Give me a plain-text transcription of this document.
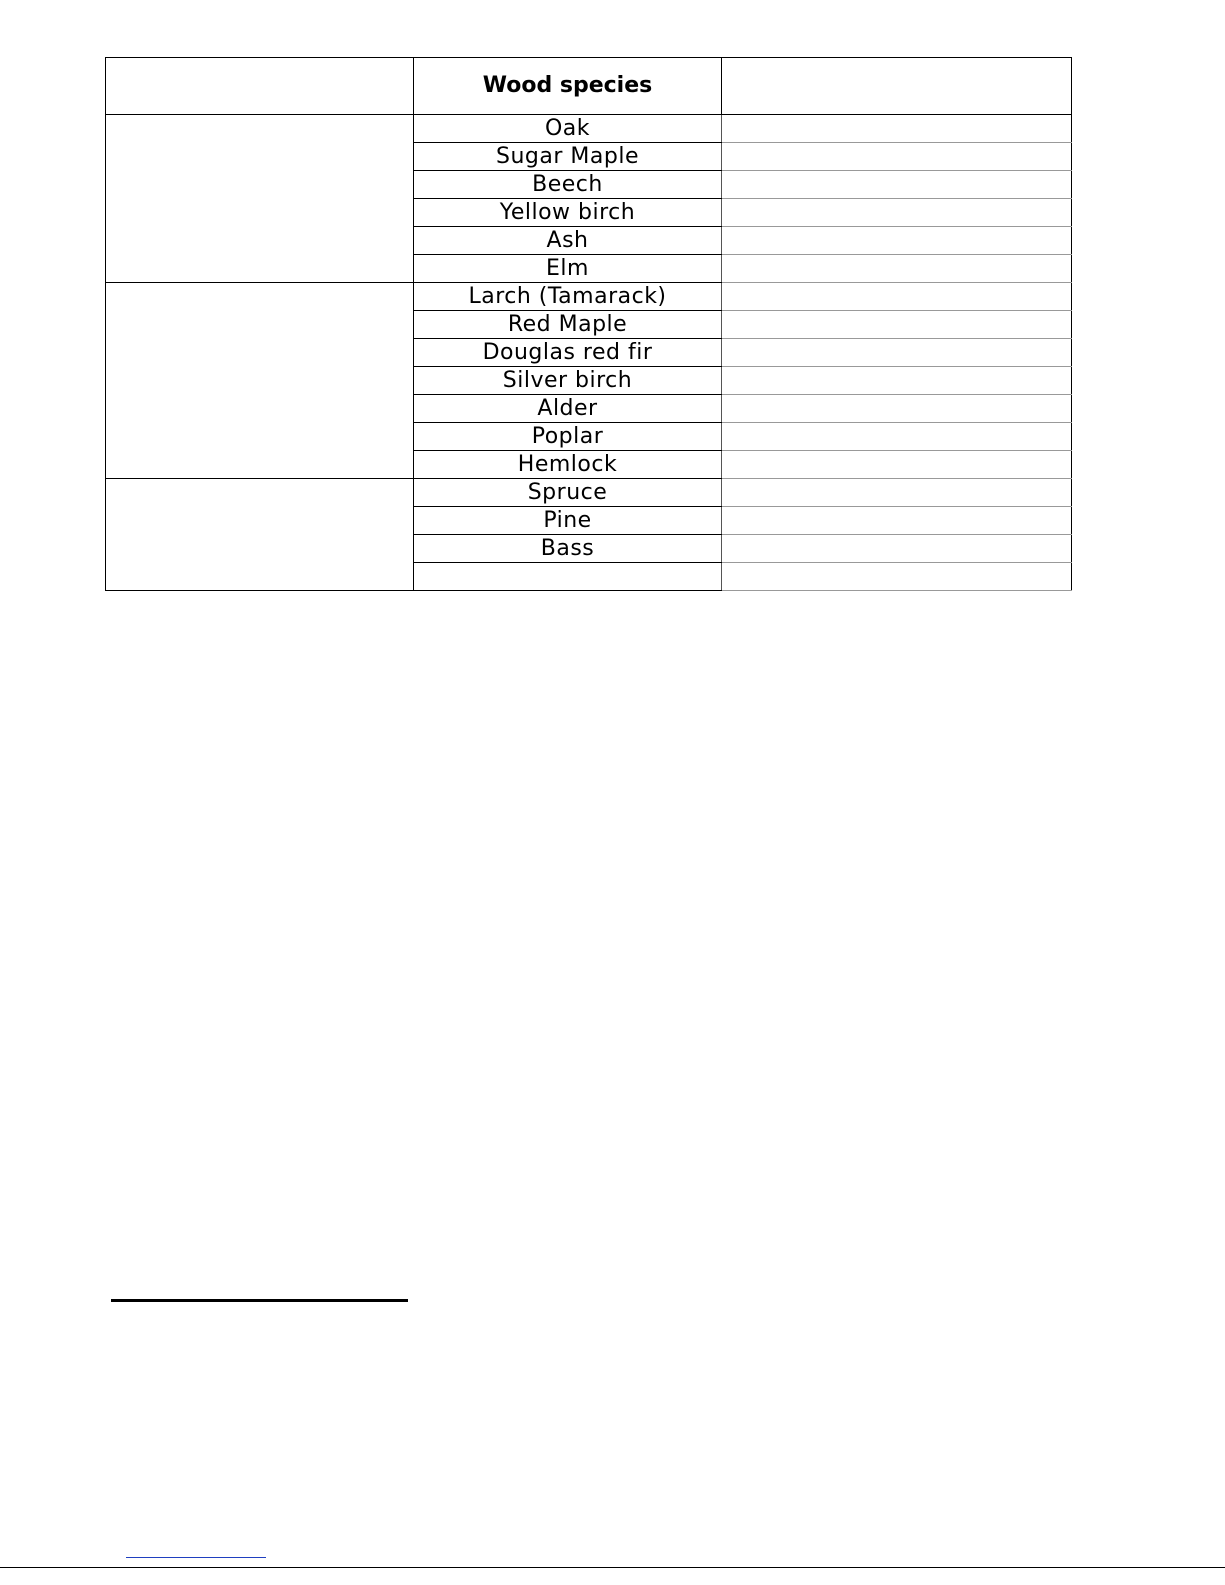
	Wood species	
	Oak	
	Sugar Maple	
	Beech	
	Yellow birch	
	Ash	
	Elm	
	Larch (Tamarack)	
	Red Maple	
	Douglas red fir	
	Silver birch	
	Alder	
	Poplar	
	Hemlock	
	Spruce	
	Pine	
	Bass	
